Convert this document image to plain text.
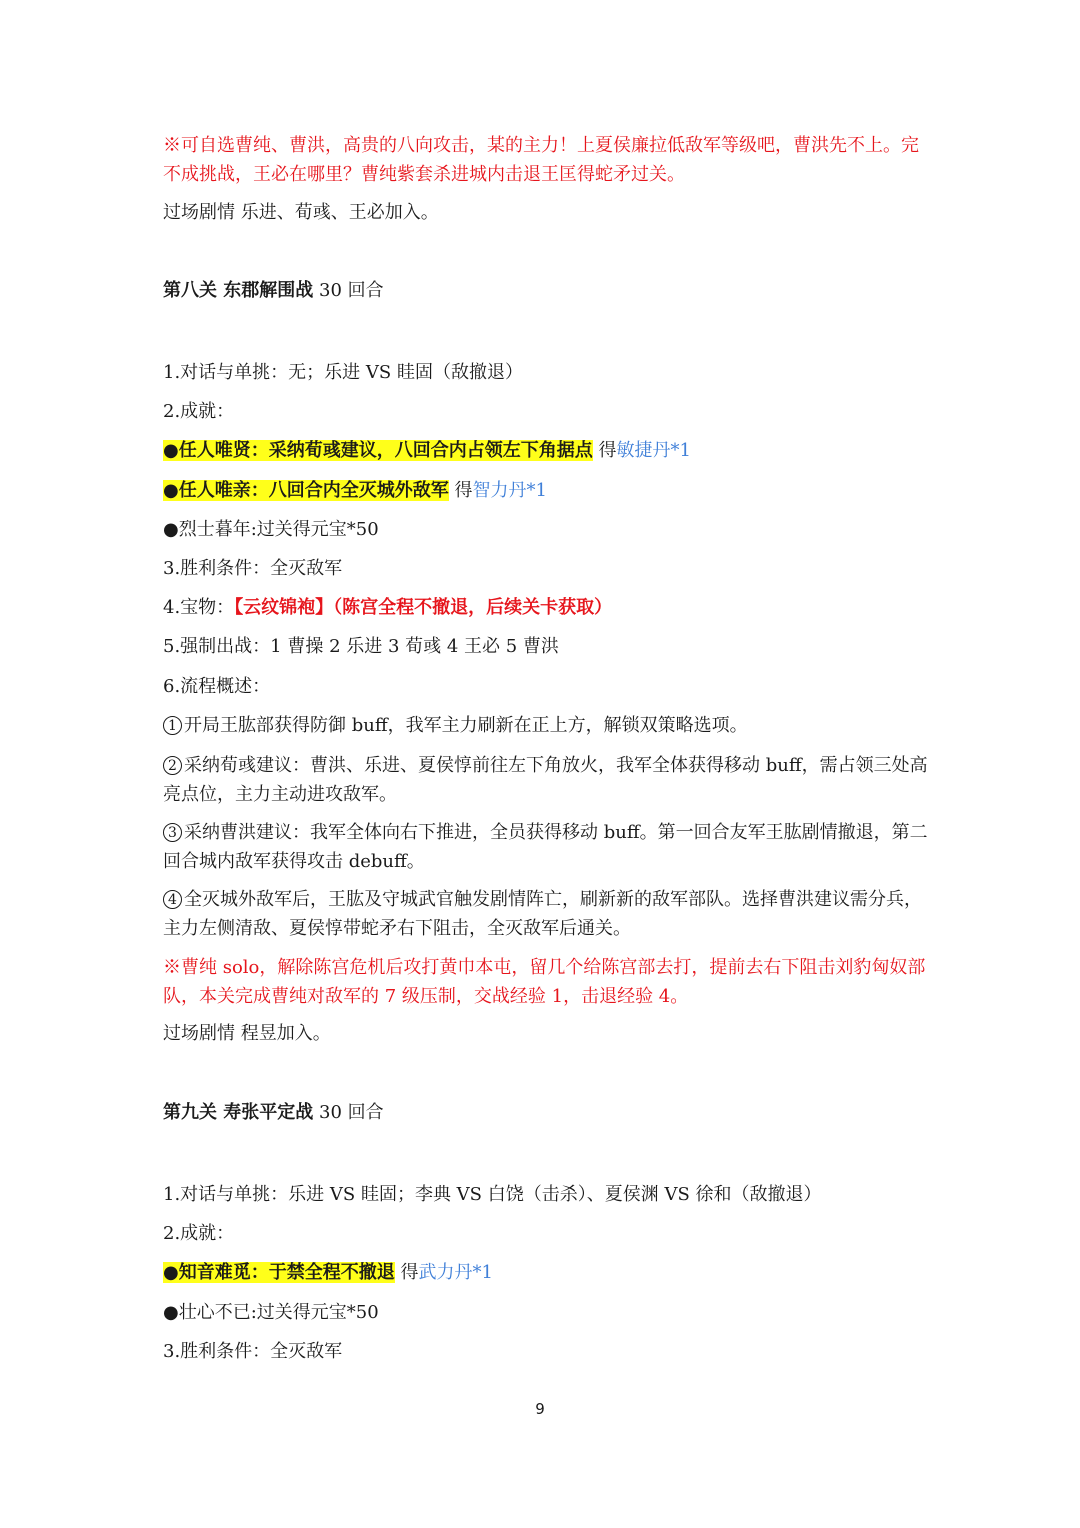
※可自选曹纯、曹洪，高贵的八向攻击，某的主力！上夏侯廉拉低敌军等级吧，曹洪先不上。完不成挑战，王必在哪里？曹纯紫套杀进城内击退王匡得蛇矛过关。
过场剧情 乐进、荀彧、王必加入。
第八关 东郡解围战 30 回合
1.对话与单挑：无；乐进 VS 眭固（敌撤退）
2.成就：
●任人唯贤：采纳荀彧建议，八回合内占领左下角据点 得敏捷丹*1
●任人唯亲：八回合内全灭城外敌军 得智力丹*1
●烈士暮年:过关得元宝*50
3.胜利条件：全灭敌军
4.宝物：【云纹锦袍】（陈宫全程不撤退，后续关卡获取）
5.强制出战：1 曹操 2 乐进 3 荀彧 4 王必 5 曹洪
6.流程概述：
1 开局王肱部获得防御 buff，我军主力刷新在正上方，解锁双策略选项。
2 采纳荀彧建议：曹洪、乐进、夏侯惇前往左下角放火，我军全体获得移动 buff，需占领三处高亮点位，主力主动进攻敌军。
3 采纳曹洪建议：我军全体向右下推进，全员获得移动 buff。第一回合友军王肱剧情撤退，第二回合城内敌军获得攻击 debuff。
4 全灭城外敌军后，王肱及守城武官触发剧情阵亡，刷新新的敌军部队。选择曹洪建议需分兵，主力左侧清敌、夏侯惇带蛇矛右下阻击，全灭敌军后通关。
※曹纯 solo，解除陈宫危机后攻打黄巾本屯，留几个给陈宫部去打，提前去右下阻击刘豹匈奴部队，本关完成曹纯对敌军的 7 级压制，交战经验 1，击退经验 4。
过场剧情 程昱加入。
第九关 寿张平定战 30 回合
1.对话与单挑：乐进 VS 眭固；李典 VS 白饶（击杀）、夏侯渊 VS 徐和（敌撤退）
2.成就：
●知音难觅：于禁全程不撤退 得武力丹*1
●壮心不已:过关得元宝*50
3.胜利条件：全灭敌军
9
